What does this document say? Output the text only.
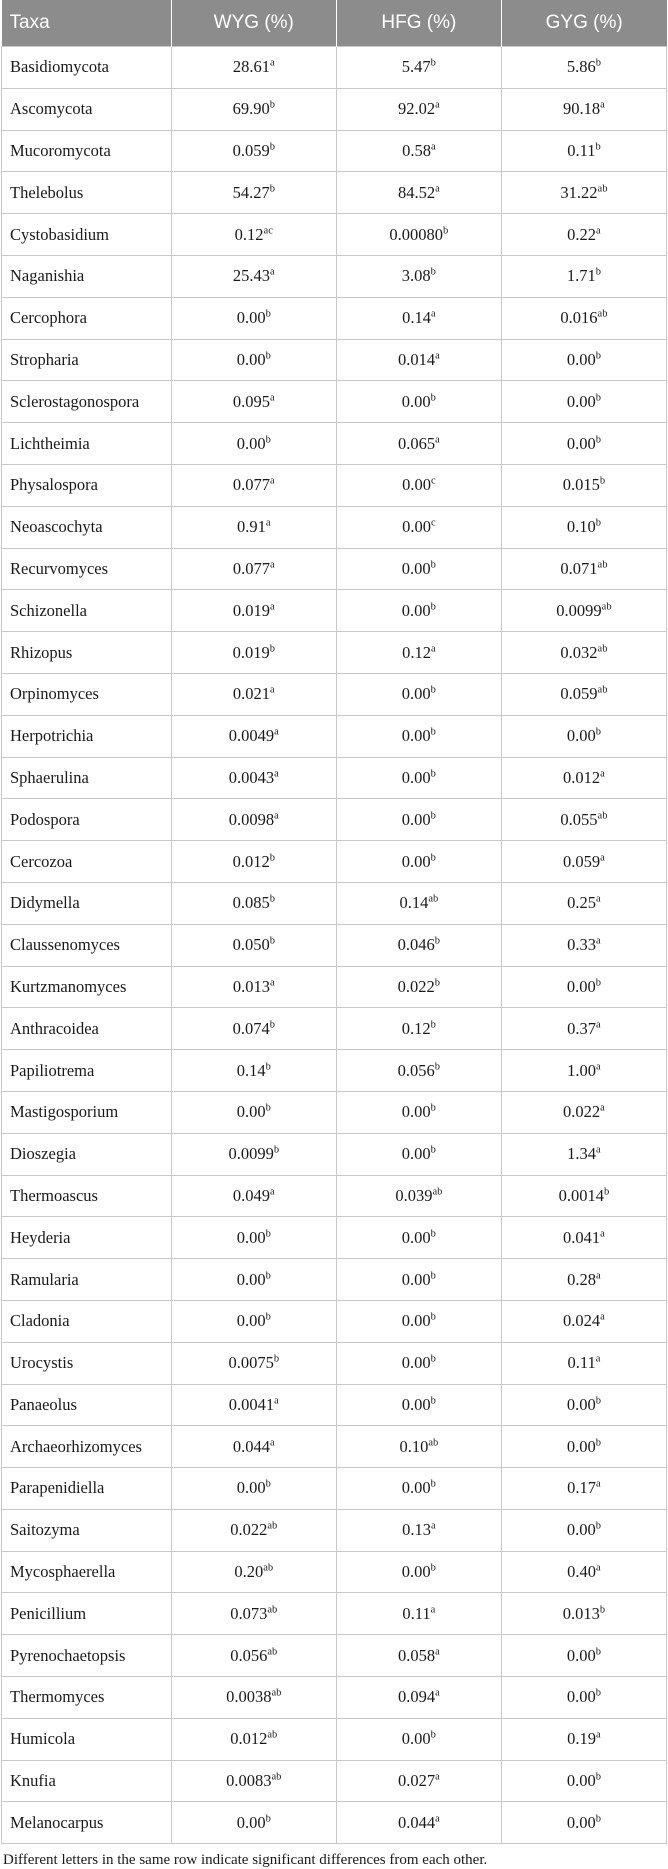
Taxa	WYG (%)	HFG (%)	GYG (%)
Basidiomycota	28.61$^a$	5.47$^b$	5.86$^b$
Ascomycota	69.90$^b$	92.02$^a$	90.18$^a$
Mucoromycota	0.059$^b$	0.58$^a$	0.11$^b$
Thelebolus	54.27$^b$	84.52$^a$	31.22$^{ab}$
Cystobasidium	0.12$^{ac}$	0.00080$^b$	0.22$^a$
Naganishia	25.43$^a$	3.08$^b$	1.71$^b$
Cercophora	0.00$^b$	0.14$^a$	0.016$^{ab}$
Stropharia	0.00$^b$	0.014$^a$	0.00$^b$
Sclerostagonospora	0.095$^a$	0.00$^b$	0.00$^b$
Lichtheimia	0.00$^b$	0.065$^a$	0.00$^b$
Physalospora	0.077$^a$	0.00$^c$	0.015$^b$
Neoascochyta	0.91$^a$	0.00$^c$	0.10$^b$
Recurvomyces	0.077$^a$	0.00$^b$	0.071$^{ab}$
Schizonella	0.019$^a$	0.00$^b$	0.0099$^{ab}$
Rhizopus	0.019$^b$	0.12$^a$	0.032$^{ab}$
Orpinomyces	0.021$^a$	0.00$^b$	0.059$^{ab}$
Herpotrichia	0.0049$^a$	0.00$^b$	0.00$^b$
Sphaerulina	0.0043$^a$	0.00$^b$	0.012$^a$
Podospora	0.0098$^a$	0.00$^b$	0.055$^{ab}$
Cercozoa	0.012$^b$	0.00$^b$	0.059$^a$
Didymella	0.085$^b$	0.14$^{ab}$	0.25$^a$
Claussenomyces	0.050$^b$	0.046$^b$	0.33$^a$
Kurtzmanomyces	0.013$^a$	0.022$^b$	0.00$^b$
Anthracoidea	0.074$^b$	0.12$^b$	0.37$^a$
Papiliotrema	0.14$^b$	0.056$^b$	1.00$^a$
Mastigosporium	0.00$^b$	0.00$^b$	0.022$^a$
Dioszegia	0.0099$^b$	0.00$^b$	1.34$^a$
Thermoascus	0.049$^a$	0.039$^{ab}$	0.0014$^b$
Heyderia	0.00$^b$	0.00$^b$	0.041$^a$
Ramularia	0.00$^b$	0.00$^b$	0.28$^a$
Cladonia	0.00$^b$	0.00$^b$	0.024$^a$
Urocystis	0.0075$^b$	0.00$^b$	0.11$^a$
Panaeolus	0.0041$^a$	0.00$^b$	0.00$^b$
Archaeorhizomyces	0.044$^a$	0.10$^{ab}$	0.00$^b$
Parapenidiella	0.00$^b$	0.00$^b$	0.17$^a$
Saitozyma	0.022$^{ab}$	0.13$^a$	0.00$^b$
Mycosphaerella	0.20$^{ab}$	0.00$^b$	0.40$^a$
Penicillium	0.073$^{ab}$	0.11$^a$	0.013$^b$
Pyrenochaetopsis	0.056$^{ab}$	0.058$^a$	0.00$^b$
Thermomyces	0.0038$^{ab}$	0.094$^a$	0.00$^b$
Humicola	0.012$^{ab}$	0.00$^b$	0.19$^a$
Knufia	0.0083$^{ab}$	0.027$^a$	0.00$^b$
Melanocarpus	0.00$^b$	0.044$^a$	0.00$^b$
Different letters in the same row indicate significant differences from each other.
